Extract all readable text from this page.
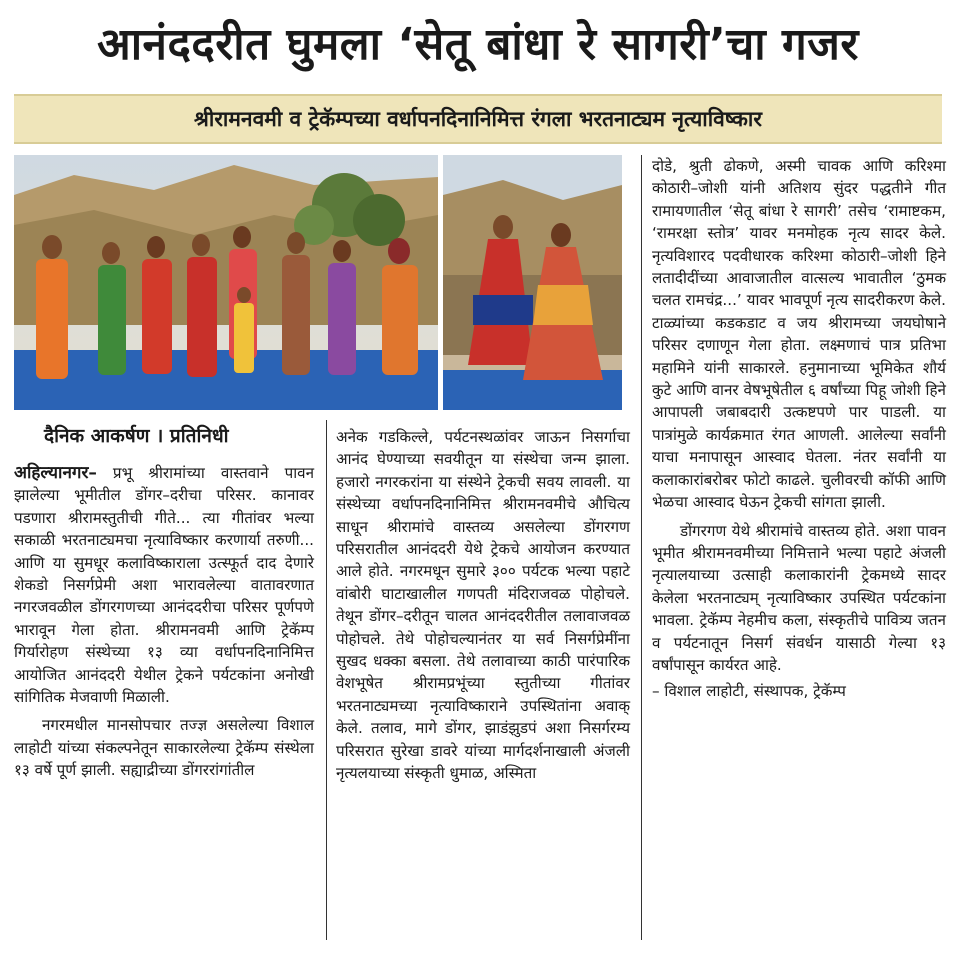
आनंददरीत घुमला ‘सेतू बांधा रे सागरी’चा गजर
श्रीरामनवमी व ट्रेकॅम्पच्या वर्धापनदिनानिमित्त रंगला भरतनाट्यम नृत्याविष्कार
दैनिक आकर्षण । प्रतिनिधी

अहिल्यानगर– प्रभू श्रीरामांच्या वास्तवाने पावन झालेल्या भूमीतील डोंगर–दरीचा परिसर. कानावर पडणारा श्रीरामस्तुतीची गीते... त्या गीतांवर भल्या सकाळी भरतनाट्यमचा नृत्याविष्कार करणार्या तरुणी... आणि या सुमधूर कलाविष्काराला उत्स्फूर्त दाद देणारे शेकडो निसर्गप्रेमी अशा भारावलेल्या वातावरणात नगरजवळील डोंगरगणच्या आनंददरीचा परिसर पूर्णपणे भारावून गेला होता. श्रीरामनवमी आणि ट्रेकॅम्प गिर्यारोहण संस्थेच्या १३ व्या वर्धापनदिनानिमित्त आयोजित आनंददरी येथील ट्रेकने पर्यटकांना अनोखी सांगितिक मेजवाणी मिळाली.

नगरमधील मानसोपचार तज्ज्ञ असलेल्या विशाल लाहोटी यांच्या संकल्पनेतून साकारलेल्या ट्रेकॅम्प संस्थेला १३ वर्षे पूर्ण झाली. सह्याद्रीच्या डोंगररांगांतील

अनेक गडकिल्ले, पर्यटनस्थळांवर जाऊन निसर्गाचा आनंद घेण्याच्या सवयीतून या संस्थेचा जन्म झाला. हजारो नगरकरांना या संस्थेने ट्रेकची सवय लावली. या संस्थेच्या वर्धापनदिनानिमित्त श्रीरामनवमीचे औचित्य साधून श्रीरामांचे वास्तव्य असलेल्या डोंगरगण परिसरातील आनंददरी येथे ट्रेकचे आयोजन करण्यात आले होते. नगरमधून सुमारे ३०० पर्यटक भल्या पहाटे वांबोरी घाटाखालील गणपती मंदिराजवळ पोहोचले. तेथून डोंगर–दरीतून चालत आनंददरीतील तलावाजवळ पोहोचले. तेथे पोहोचल्यानंतर या सर्व निसर्गप्रेमींना सुखद धक्का बसला. तेथे तलावाच्या काठी पारंपारिक वेशभूषेत श्रीरामप्रभूंच्या स्तुतीच्या गीतांवर भरतनाट्यमच्या नृत्याविष्काराने उपस्थितांना अवाक् केले. तलाव, मागे डोंगर, झाडंझुडपं अशा निसर्गरम्य परिसरात सुरेखा डावरे यांच्या मार्गदर्शनाखाली अंजली नृत्यलयाच्या संस्कृती धुमाळ, अस्मिता

दोडे, श्रुती ढोकणे, अस्मी चावक आणि करिश्मा कोठारी–जोशी यांनी अतिशय सुंदर पद्धतीने गीत रामायणातील ‘सेतू बांधा रे सागरी’ तसेच ‘रामाष्टकम, ‘रामरक्षा स्तोत्र’ यावर मनमोहक नृत्य सादर केले. नृत्यविशारद पदवीधारक करिश्मा कोठारी–जोशी हिने लतादीदींच्या आवाजातील वात्सल्य भावातील ‘ठुमक चलत रामचंद्र...’ यावर भावपूर्ण नृत्य सादरीकरण केले. टाळ्यांच्या कडकडाट व जय श्रीरामच्या जयघोषाने परिसर दणाणून गेला होता. लक्ष्मणाचं पात्र प्रतिभा महामिने यांनी साकारले. हनुमानाच्या भूमिकेत शौर्य कुटे आणि वानर वेषभूषेतील ६ वर्षांच्या पिहू जोशी हिने आपापली जबाबदारी उत्कष्टपणे पार पाडली. या पात्रांमुळे कार्यक्रमात रंगत आणली. आलेल्या सर्वांनी याचा मनापासून आस्वाद घेतला. नंतर सर्वांनी या कलाकारांबरोबर फोटो काढले. चुलीवरची कॉफी आणि भेळचा आस्वाद घेऊन ट्रेकची सांगता झाली.

डोंगरगण येथे श्रीरामांचे वास्तव्य होते. अशा पावन भूमीत श्रीरामनवमीच्या निमित्ताने भल्या पहाटे अंजली नृत्यालयाच्या उत्साही कलाकारांनी ट्रेकमध्ये सादर केलेला भरतनाट्यम् नृत्याविष्कार उपस्थित पर्यटकांना भावला. ट्रेकॅम्प नेहमीच कला, संस्कृतीचे पावित्र्य जतन व पर्यटनातून निसर्ग संवर्धन यासाठी गेल्या १३ वर्षांपासून कार्यरत आहे.

– विशाल लाहोटी, संस्थापक, ट्रेकॅम्प
